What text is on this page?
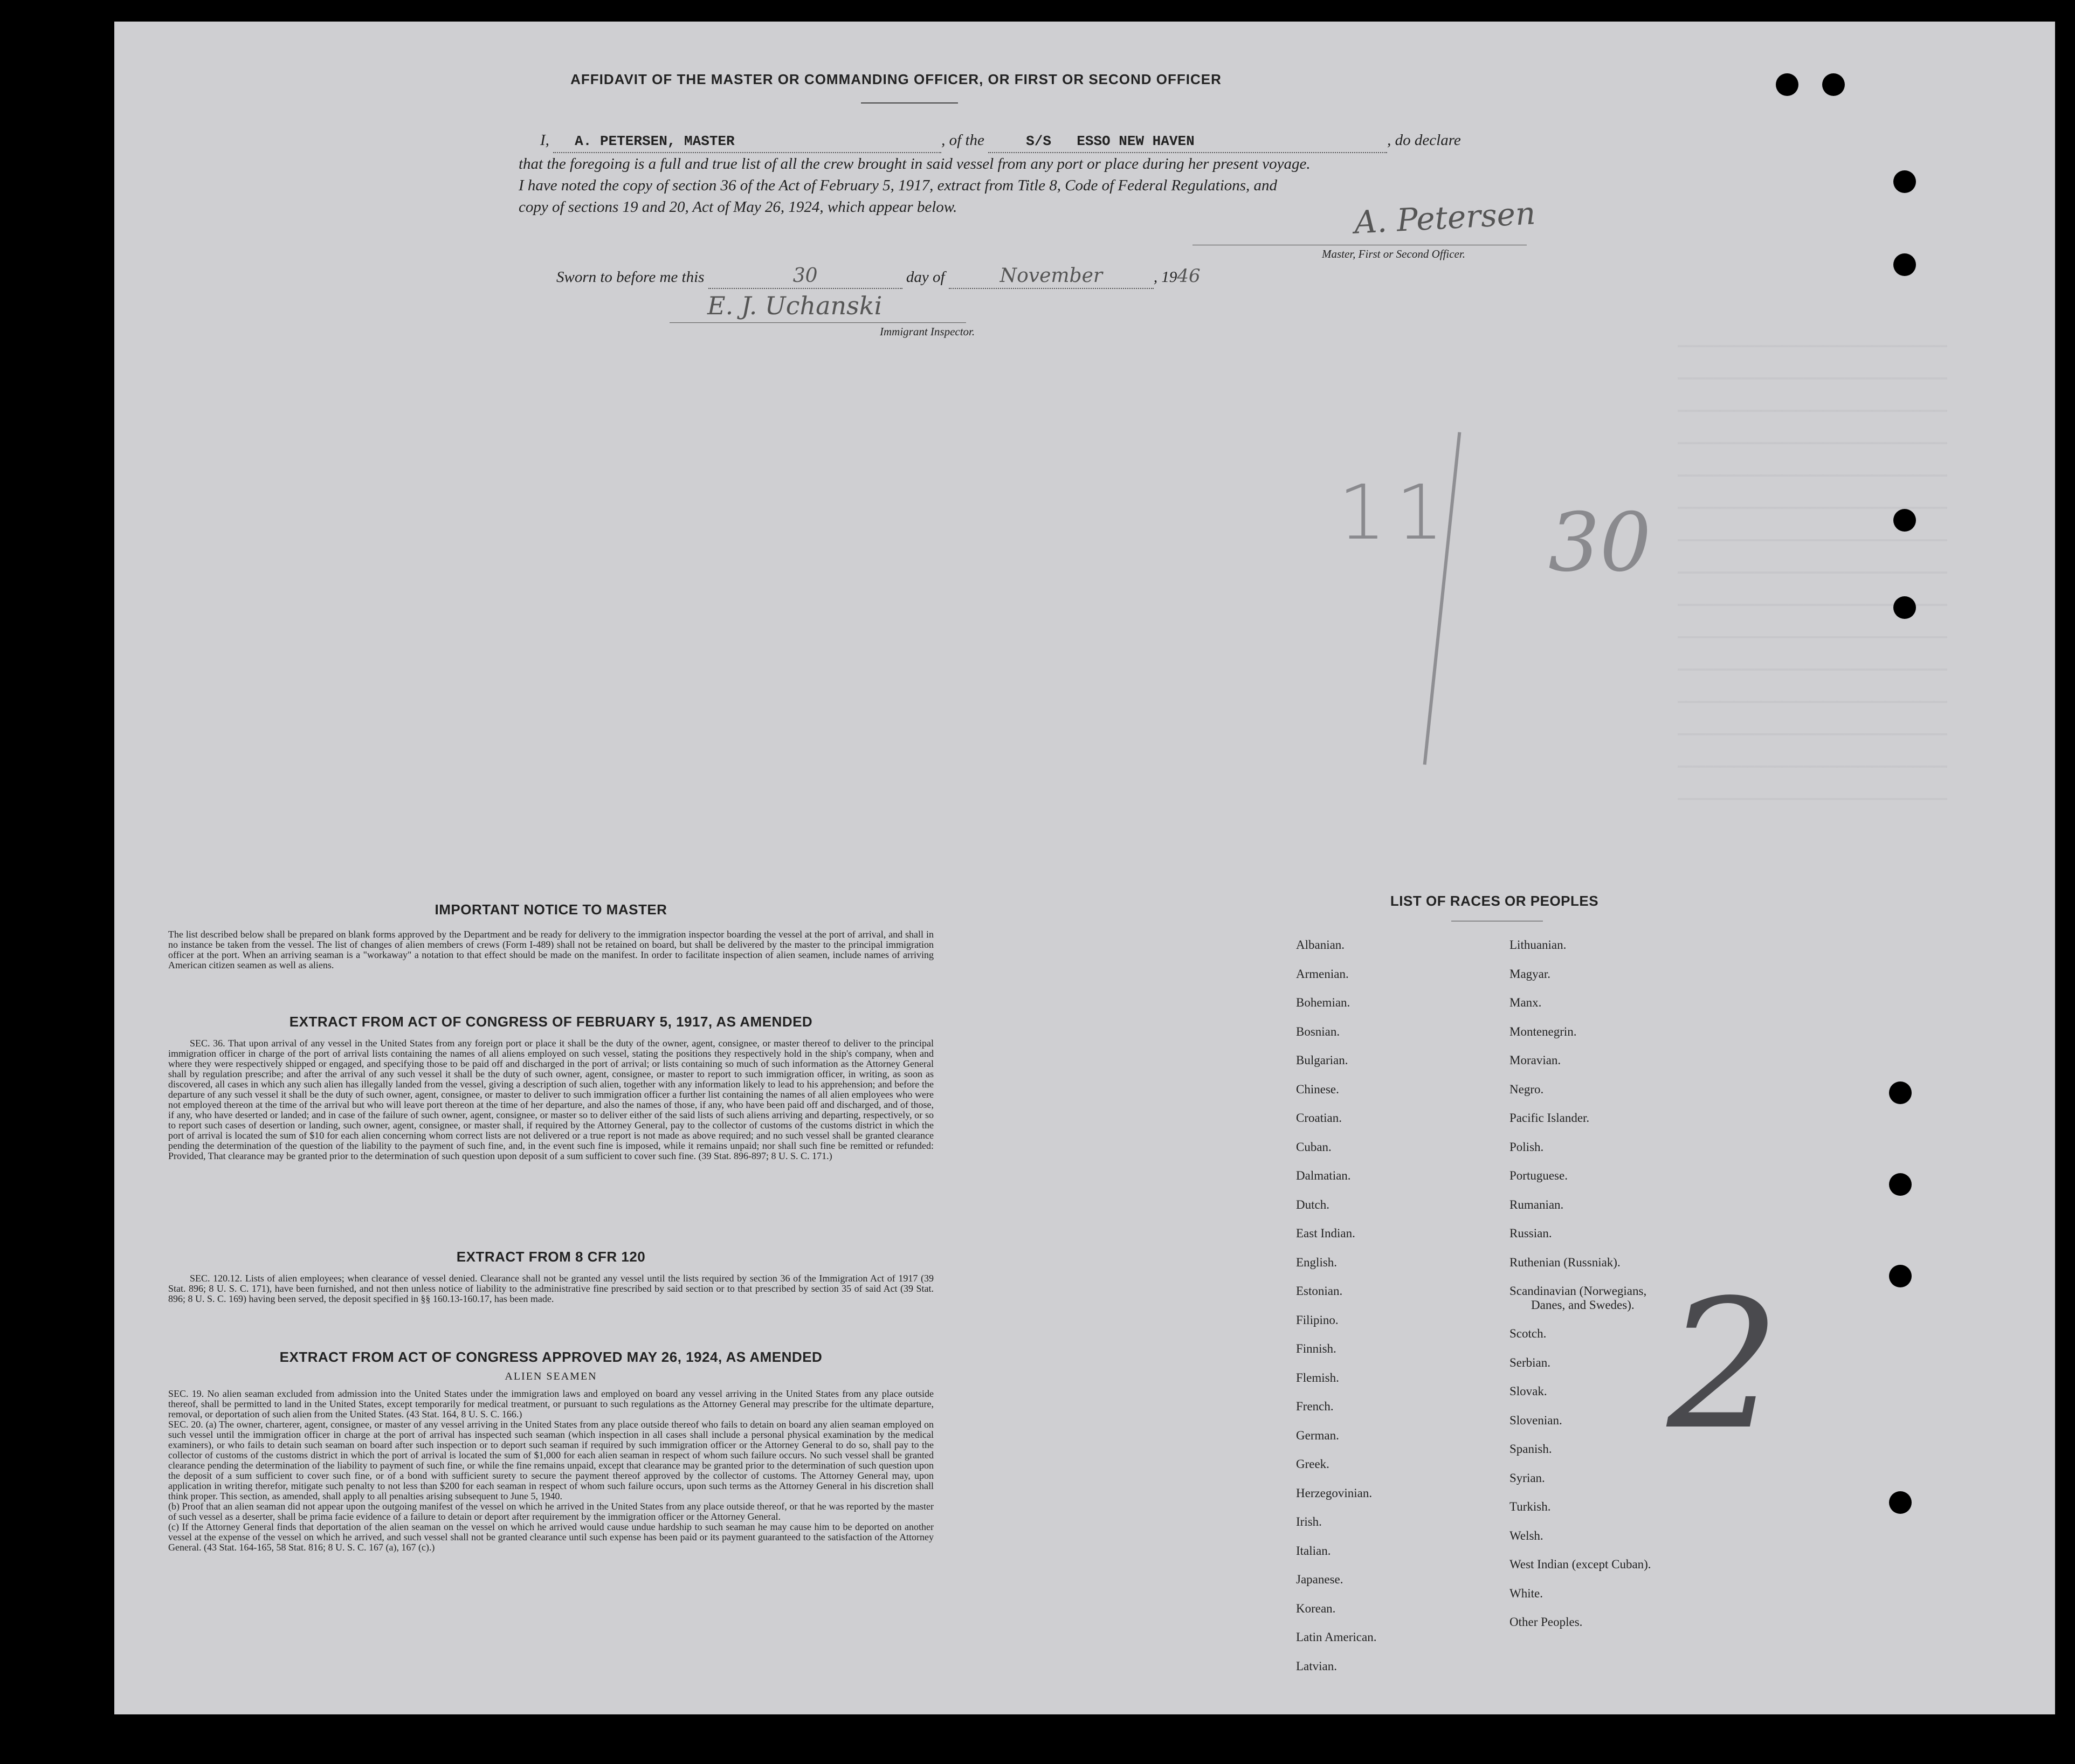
AFFIDAVIT OF THE MASTER OR COMMANDING OFFICER, OR FIRST OR SECOND OFFICER
I, A. PETERSEN, MASTER	, of the	S/S ESSO NEW HAVEN	, do declare
that the foregoing is a full and true list of all the crew brought in said vessel from any port or place during her present voyage.
I have noted the copy of section 36 of the Act of February 5, 1917, extract from Title 8, Code of Federal Regulations, and
copy of sections 19 and 20, Act of May 26, 1924, which appear below.	A. Petersen
Master, First or Second Officer.
Sworn to before me this	30	day of	November	, 1946
E. J. Uchanski
Immigrant Inspector.
11 30
2
IMPORTANT NOTICE TO MASTER
The list described below shall be prepared on blank forms approved by the Department and be ready for delivery to the immigration inspector boarding the vessel at the port of arrival, and shall in no instance be taken from the vessel. The list of changes of alien members of crews (Form I-489) shall not be retained on board, but shall be delivered by the master to the principal immigration officer at the port. When an arriving seaman is a "workaway" a notation to that effect should be made on the manifest. In order to facilitate inspection of alien seamen, include names of arriving American citizen seamen as well as aliens.
EXTRACT FROM ACT OF CONGRESS OF FEBRUARY 5, 1917, AS AMENDED
SEC. 36. That upon arrival of any vessel in the United States from any foreign port or place it shall be the duty of the owner, agent, consignee, or master thereof to deliver to the principal immigration officer in charge of the port of arrival lists containing the names of all aliens employed on such vessel, stating the positions they respectively hold in the ship's company, when and where they were respectively shipped or engaged, and specifying those to be paid off and discharged in the port of arrival; or lists containing so much of such information as the Attorney General shall by regulation prescribe; and after the arrival of any such vessel it shall be the duty of such owner, agent, consignee, or master to report to such immigration officer, in writing, as soon as discovered, all cases in which any such alien has illegally landed from the vessel, giving a description of such alien, together with any information likely to lead to his apprehension; and before the departure of any such vessel it shall be the duty of such owner, agent, consignee, or master to deliver to such immigration officer a further list containing the names of all alien employees who were not employed thereon at the time of the arrival but who will leave port thereon at the time of her departure, and also the names of those, if any, who have been paid off and discharged, and of those, if any, who have deserted or landed; and in case of the failure of such owner, agent, consignee, or master so to deliver either of the said lists of such aliens arriving and departing, respectively, or so to report such cases of desertion or landing, such owner, agent, consignee, or master shall, if required by the Attorney General, pay to the collector of customs of the customs district in which the port of arrival is located the sum of $10 for each alien concerning whom correct lists are not delivered or a true report is not made as above required; and no such vessel shall be granted clearance pending the determination of the question of the liability to the payment of such fine, and, in the event such fine is imposed, while it remains unpaid; nor shall such fine be remitted or refunded: Provided, That clearance may be granted prior to the determination of such question upon deposit of a sum sufficient to cover such fine. (39 Stat. 896-897; 8 U. S. C. 171.)
EXTRACT FROM 8 CFR 120
SEC. 120.12. Lists of alien employees; when clearance of vessel denied. Clearance shall not be granted any vessel until the lists required by section 36 of the Immigration Act of 1917 (39 Stat. 896; 8 U. S. C. 171), have been furnished, and not then unless notice of liability to the administrative fine prescribed by said section or to that prescribed by section 35 of said Act (39 Stat. 896; 8 U. S. C. 169) having been served, the deposit specified in §§ 160.13-160.17, has been made.
EXTRACT FROM ACT OF CONGRESS APPROVED MAY 26, 1924, AS AMENDED
ALIEN SEAMEN
SEC. 19. No alien seaman excluded from admission into the United States under the immigration laws and employed on board any vessel arriving in the United States from any place outside thereof, shall be permitted to land in the United States, except temporarily for medical treatment, or pursuant to such regulations as the Attorney General may prescribe for the ultimate departure, removal, or deportation of such alien from the United States. (43 Stat. 164, 8 U. S. C. 166.)
SEC. 20. (a) The owner, charterer, agent, consignee, or master of any vessel arriving in the United States from any place outside thereof who fails to detain on board any alien seaman employed on such vessel until the immigration officer in charge at the port of arrival has inspected such seaman (which inspection in all cases shall include a personal physical examination by the medical examiners), or who fails to detain such seaman on board after such inspection or to deport such seaman if required by such immigration officer or the Attorney General to do so, shall pay to the collector of customs of the customs district in which the port of arrival is located the sum of $1,000 for each alien seaman in respect of whom such failure occurs. No such vessel shall be granted clearance pending the determination of the liability to payment of such fine, or while the fine remains unpaid, except that clearance may be granted prior to the determination of such question upon the deposit of a sum sufficient to cover such fine, or of a bond with sufficient surety to secure the payment thereof approved by the collector of customs. The Attorney General may, upon application in writing therefor, mitigate such penalty to not less than $200 for each seaman in respect of whom such failure occurs, upon such terms as the Attorney General in his discretion shall think proper. This section, as amended, shall apply to all penalties arising subsequent to June 5, 1940.
(b) Proof that an alien seaman did not appear upon the outgoing manifest of the vessel on which he arrived in the United States from any place outside thereof, or that he was reported by the master of such vessel as a deserter, shall be prima facie evidence of a failure to detain or deport after requirement by the immigration officer or the Attorney General.
(c) If the Attorney General finds that deportation of the alien seaman on the vessel on which he arrived would cause undue hardship to such seaman he may cause him to be deported on another vessel at the expense of the vessel on which he arrived, and such vessel shall not be granted clearance until such expense has been paid or its payment guaranteed to the satisfaction of the Attorney General. (43 Stat. 164-165, 58 Stat. 816; 8 U. S. C. 167 (a), 167 (c).)
LIST OF RACES OR PEOPLES
Albanian.
Armenian.
Bohemian.
Bosnian.
Bulgarian.
Chinese.
Croatian.
Cuban.
Dalmatian.
Dutch.
East Indian.
English.
Estonian.
Filipino.
Finnish.
Flemish.
French.
German.
Greek.
Herzegovinian.
Irish.
Italian.
Japanese.
Korean.
Latin American.
Latvian.
Lithuanian.
Magyar.
Manx.
Montenegrin.
Moravian.
Negro.
Pacific Islander.
Polish.
Portuguese.
Rumanian.
Russian.
Ruthenian (Russniak).
Scandinavian (Norwegians,
Danes, and Swedes).
Scotch.
Serbian.
Slovak.
Slovenian.
Spanish.
Syrian.
Turkish.
Welsh.
West Indian (except Cuban).
White.
Other Peoples.
